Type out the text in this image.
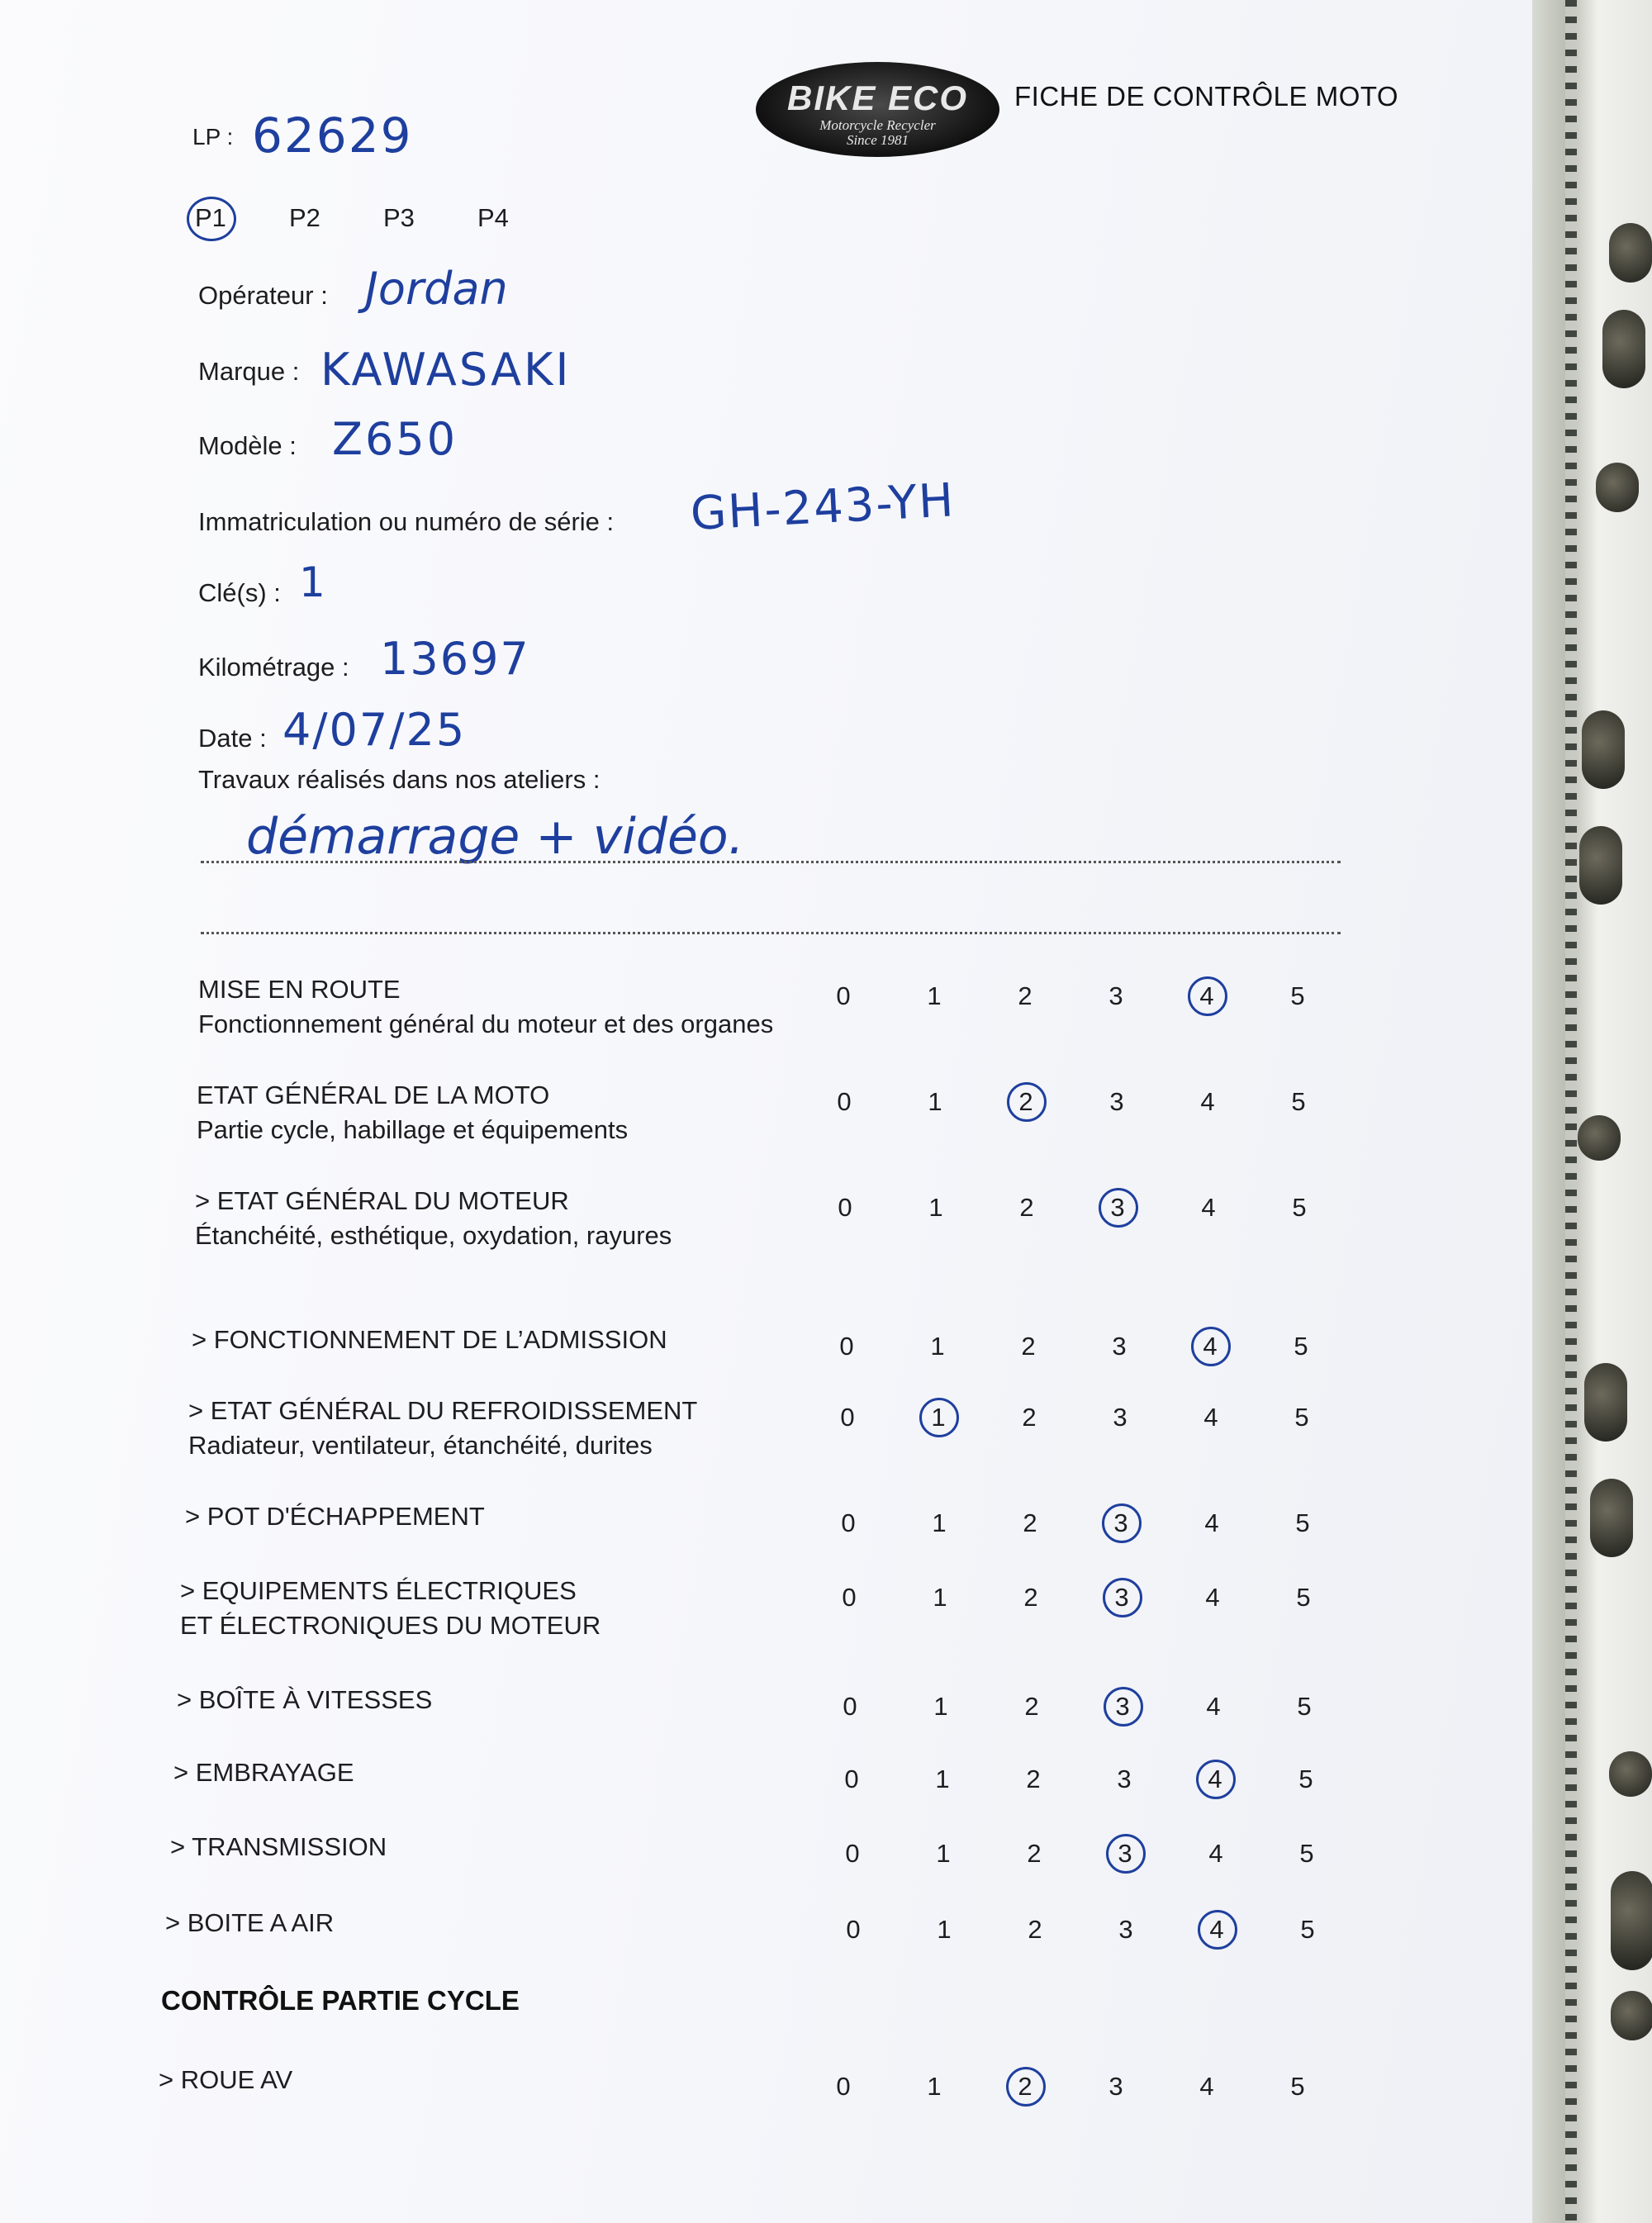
BIKE ECO
Motorcycle Recycler
Since 1981
FICHE DE CONTRÔLE MOTO
LP : 62629
P1 P2 P3 P4
Opérateur : Jordan
Marque : KAWASAKI
Modèle : Z650
Immatriculation ou numéro de série : GH-243-YH
Clé(s) : 1
Kilométrage : 13697
Date : 4/07/25
Travaux réalisés dans nos ateliers :
démarrage + vidéo.
MISE EN ROUTE
Fonctionnement général du moteur et des organes
0	1	2	3	4	5
ETAT GÉNÉRAL DE LA MOTO
Partie cycle, habillage et équipements
0	1	2	3	4	5
> ETAT GÉNÉRAL DU MOTEUR
Étanchéité, esthétique, oxydation, rayures
0	1	2	3	4	5
> FONCTIONNEMENT DE L’ADMISSION	0	1	2	3	4	5
> ETAT GÉNÉRAL DU REFROIDISSEMENT
Radiateur, ventilateur, étanchéité, durites
0	1	2	3	4	5
> POT D'ÉCHAPPEMENT	0	1	2	3	4	5
> EQUIPEMENTS ÉLECTRIQUES
ET ÉLECTRONIQUES DU MOTEUR
0	1	2	3	4	5
> BOÎTE À VITESSES	0	1	2	3	4	5
> EMBRAYAGE	0	1	2	3	4	5
> TRANSMISSION	0	1	2	3	4	5
> BOITE A AIR	0	1	2	3	4	5
CONTRÔLE PARTIE CYCLE
> ROUE AV	0	1	2	3	4	5
